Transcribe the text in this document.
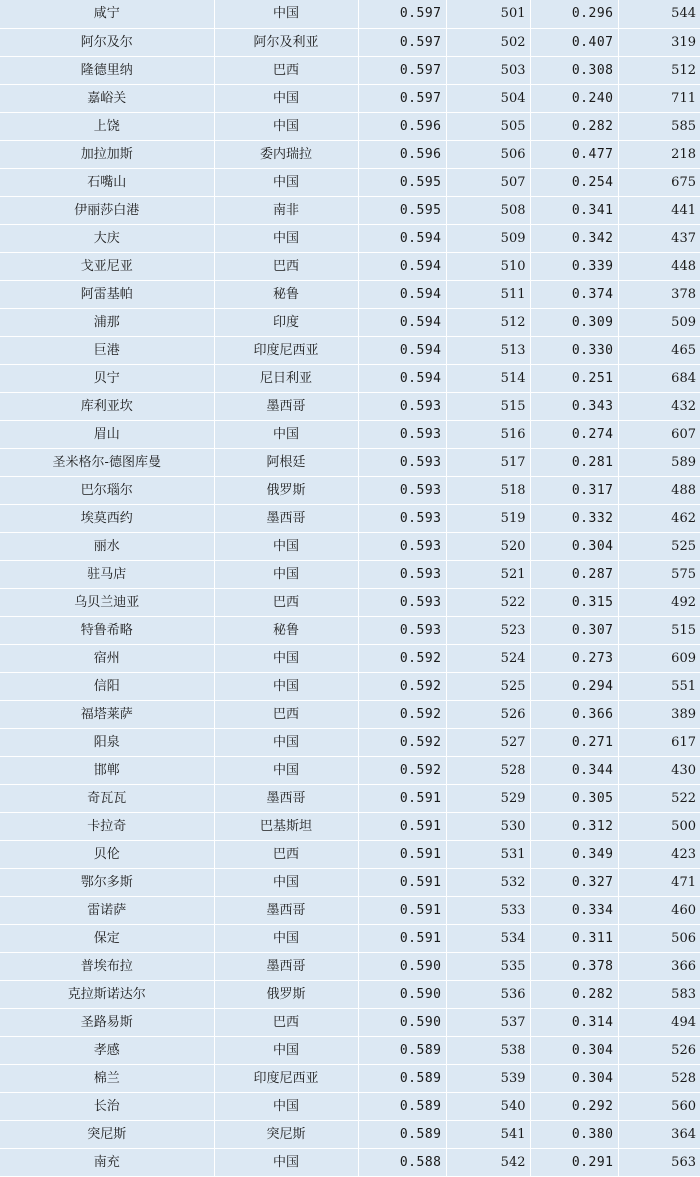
咸宁	中国	0.597	501	0.296	544
阿尔及尔	阿尔及利亚	0.597	502	0.407	319
隆德里纳	巴西	0.597	503	0.308	512
嘉峪关	中国	0.597	504	0.240	711
上饶	中国	0.596	505	0.282	585
加拉加斯	委内瑞拉	0.596	506	0.477	218
石嘴山	中国	0.595	507	0.254	675
伊丽莎白港	南非	0.595	508	0.341	441
大庆	中国	0.594	509	0.342	437
戈亚尼亚	巴西	0.594	510	0.339	448
阿雷基帕	秘鲁	0.594	511	0.374	378
浦那	印度	0.594	512	0.309	509
巨港	印度尼西亚	0.594	513	0.330	465
贝宁	尼日利亚	0.594	514	0.251	684
库利亚坎	墨西哥	0.593	515	0.343	432
眉山	中国	0.593	516	0.274	607
圣米格尔-德图库曼	阿根廷	0.593	517	0.281	589
巴尔瑙尔	俄罗斯	0.593	518	0.317	488
埃莫西约	墨西哥	0.593	519	0.332	462
丽水	中国	0.593	520	0.304	525
驻马店	中国	0.593	521	0.287	575
乌贝兰迪亚	巴西	0.593	522	0.315	492
特鲁希略	秘鲁	0.593	523	0.307	515
宿州	中国	0.592	524	0.273	609
信阳	中国	0.592	525	0.294	551
福塔莱萨	巴西	0.592	526	0.366	389
阳泉	中国	0.592	527	0.271	617
邯郸	中国	0.592	528	0.344	430
奇瓦瓦	墨西哥	0.591	529	0.305	522
卡拉奇	巴基斯坦	0.591	530	0.312	500
贝伦	巴西	0.591	531	0.349	423
鄂尔多斯	中国	0.591	532	0.327	471
雷诺萨	墨西哥	0.591	533	0.334	460
保定	中国	0.591	534	0.311	506
普埃布拉	墨西哥	0.590	535	0.378	366
克拉斯诺达尔	俄罗斯	0.590	536	0.282	583
圣路易斯	巴西	0.590	537	0.314	494
孝感	中国	0.589	538	0.304	526
棉兰	印度尼西亚	0.589	539	0.304	528
长治	中国	0.589	540	0.292	560
突尼斯	突尼斯	0.589	541	0.380	364
南充	中国	0.588	542	0.291	563
